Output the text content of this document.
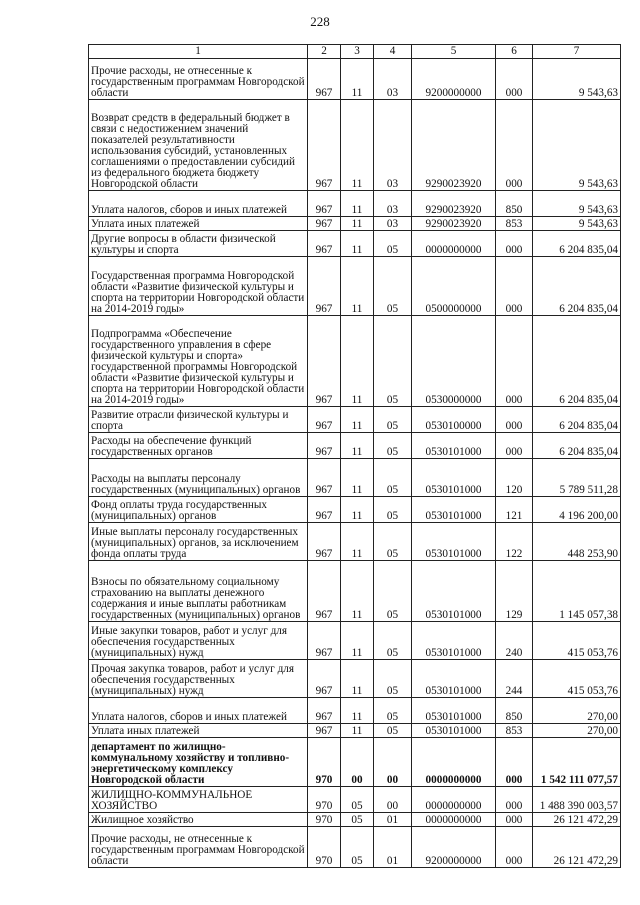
228
1	2	3	4	5	6	7
Прочие расходы, не отнесенные к государственным программам Новгородской области	967	11	03	9200000000	000	9 543,63
Возврат средств в федеральный бюджет в связи с недостижением значений показателей результативности использования субсидий, установленных соглашениями о предоставлении субсидий из федерального бюджета бюджету Новгородской области	967	11	03	9290023920	000	9 543,63
Уплата налогов, сборов и иных платежей	967	11	03	9290023920	850	9 543,63
Уплата иных платежей	967	11	03	9290023920	853	9 543,63
Другие вопросы в области физической культуры и спорта	967	11	05	0000000000	000	6 204 835,04
Государственная программа Новгородской области «Развитие физической культуры и спорта на территории Новгородской области на 2014-2019 годы»	967	11	05	0500000000	000	6 204 835,04
Подпрограмма «Обеспечение государственного управления в сфере физической культуры и спорта» государственной программы Новгородской области «Развитие физической культуры и спорта на территории Новгородской области на 2014-2019 годы»	967	11	05	0530000000	000	6 204 835,04
Развитие отрасли физической культуры и спорта	967	11	05	0530100000	000	6 204 835,04
Расходы на обеспечение функций государственных органов	967	11	05	0530101000	000	6 204 835,04
Расходы на выплаты персоналу государственных (муниципальных) органов	967	11	05	0530101000	120	5 789 511,28
Фонд оплаты труда государственных (муниципальных) органов	967	11	05	0530101000	121	4 196 200,00
Иные выплаты персоналу государственных (муниципальных) органов, за исключением фонда оплаты труда	967	11	05	0530101000	122	448 253,90
Взносы по обязательному социальному страхованию на выплаты денежного содержания и иные выплаты работникам государственных (муниципальных) органов	967	11	05	0530101000	129	1 145 057,38
Иные закупки товаров, работ и услуг для обеспечения государственных (муниципальных) нужд	967	11	05	0530101000	240	415 053,76
Прочая закупка товаров, работ и услуг для обеспечения государственных (муниципальных) нужд	967	11	05	0530101000	244	415 053,76
Уплата налогов, сборов и иных платежей	967	11	05	0530101000	850	270,00
Уплата иных платежей	967	11	05	0530101000	853	270,00
департамент по жилищно-коммунальному хозяйству и топливно-энергетическому комплексу Новгородской области	970	00	00	0000000000	000	1 542 111 077,57
ЖИЛИЩНО-КОММУНАЛЬНОЕ ХОЗЯЙСТВО	970	05	00	0000000000	000	1 488 390 003,57
Жилищное хозяйство	970	05	01	0000000000	000	26 121 472,29
Прочие расходы, не отнесенные к государственным программам Новгородской области	970	05	01	9200000000	000	26 121 472,29
